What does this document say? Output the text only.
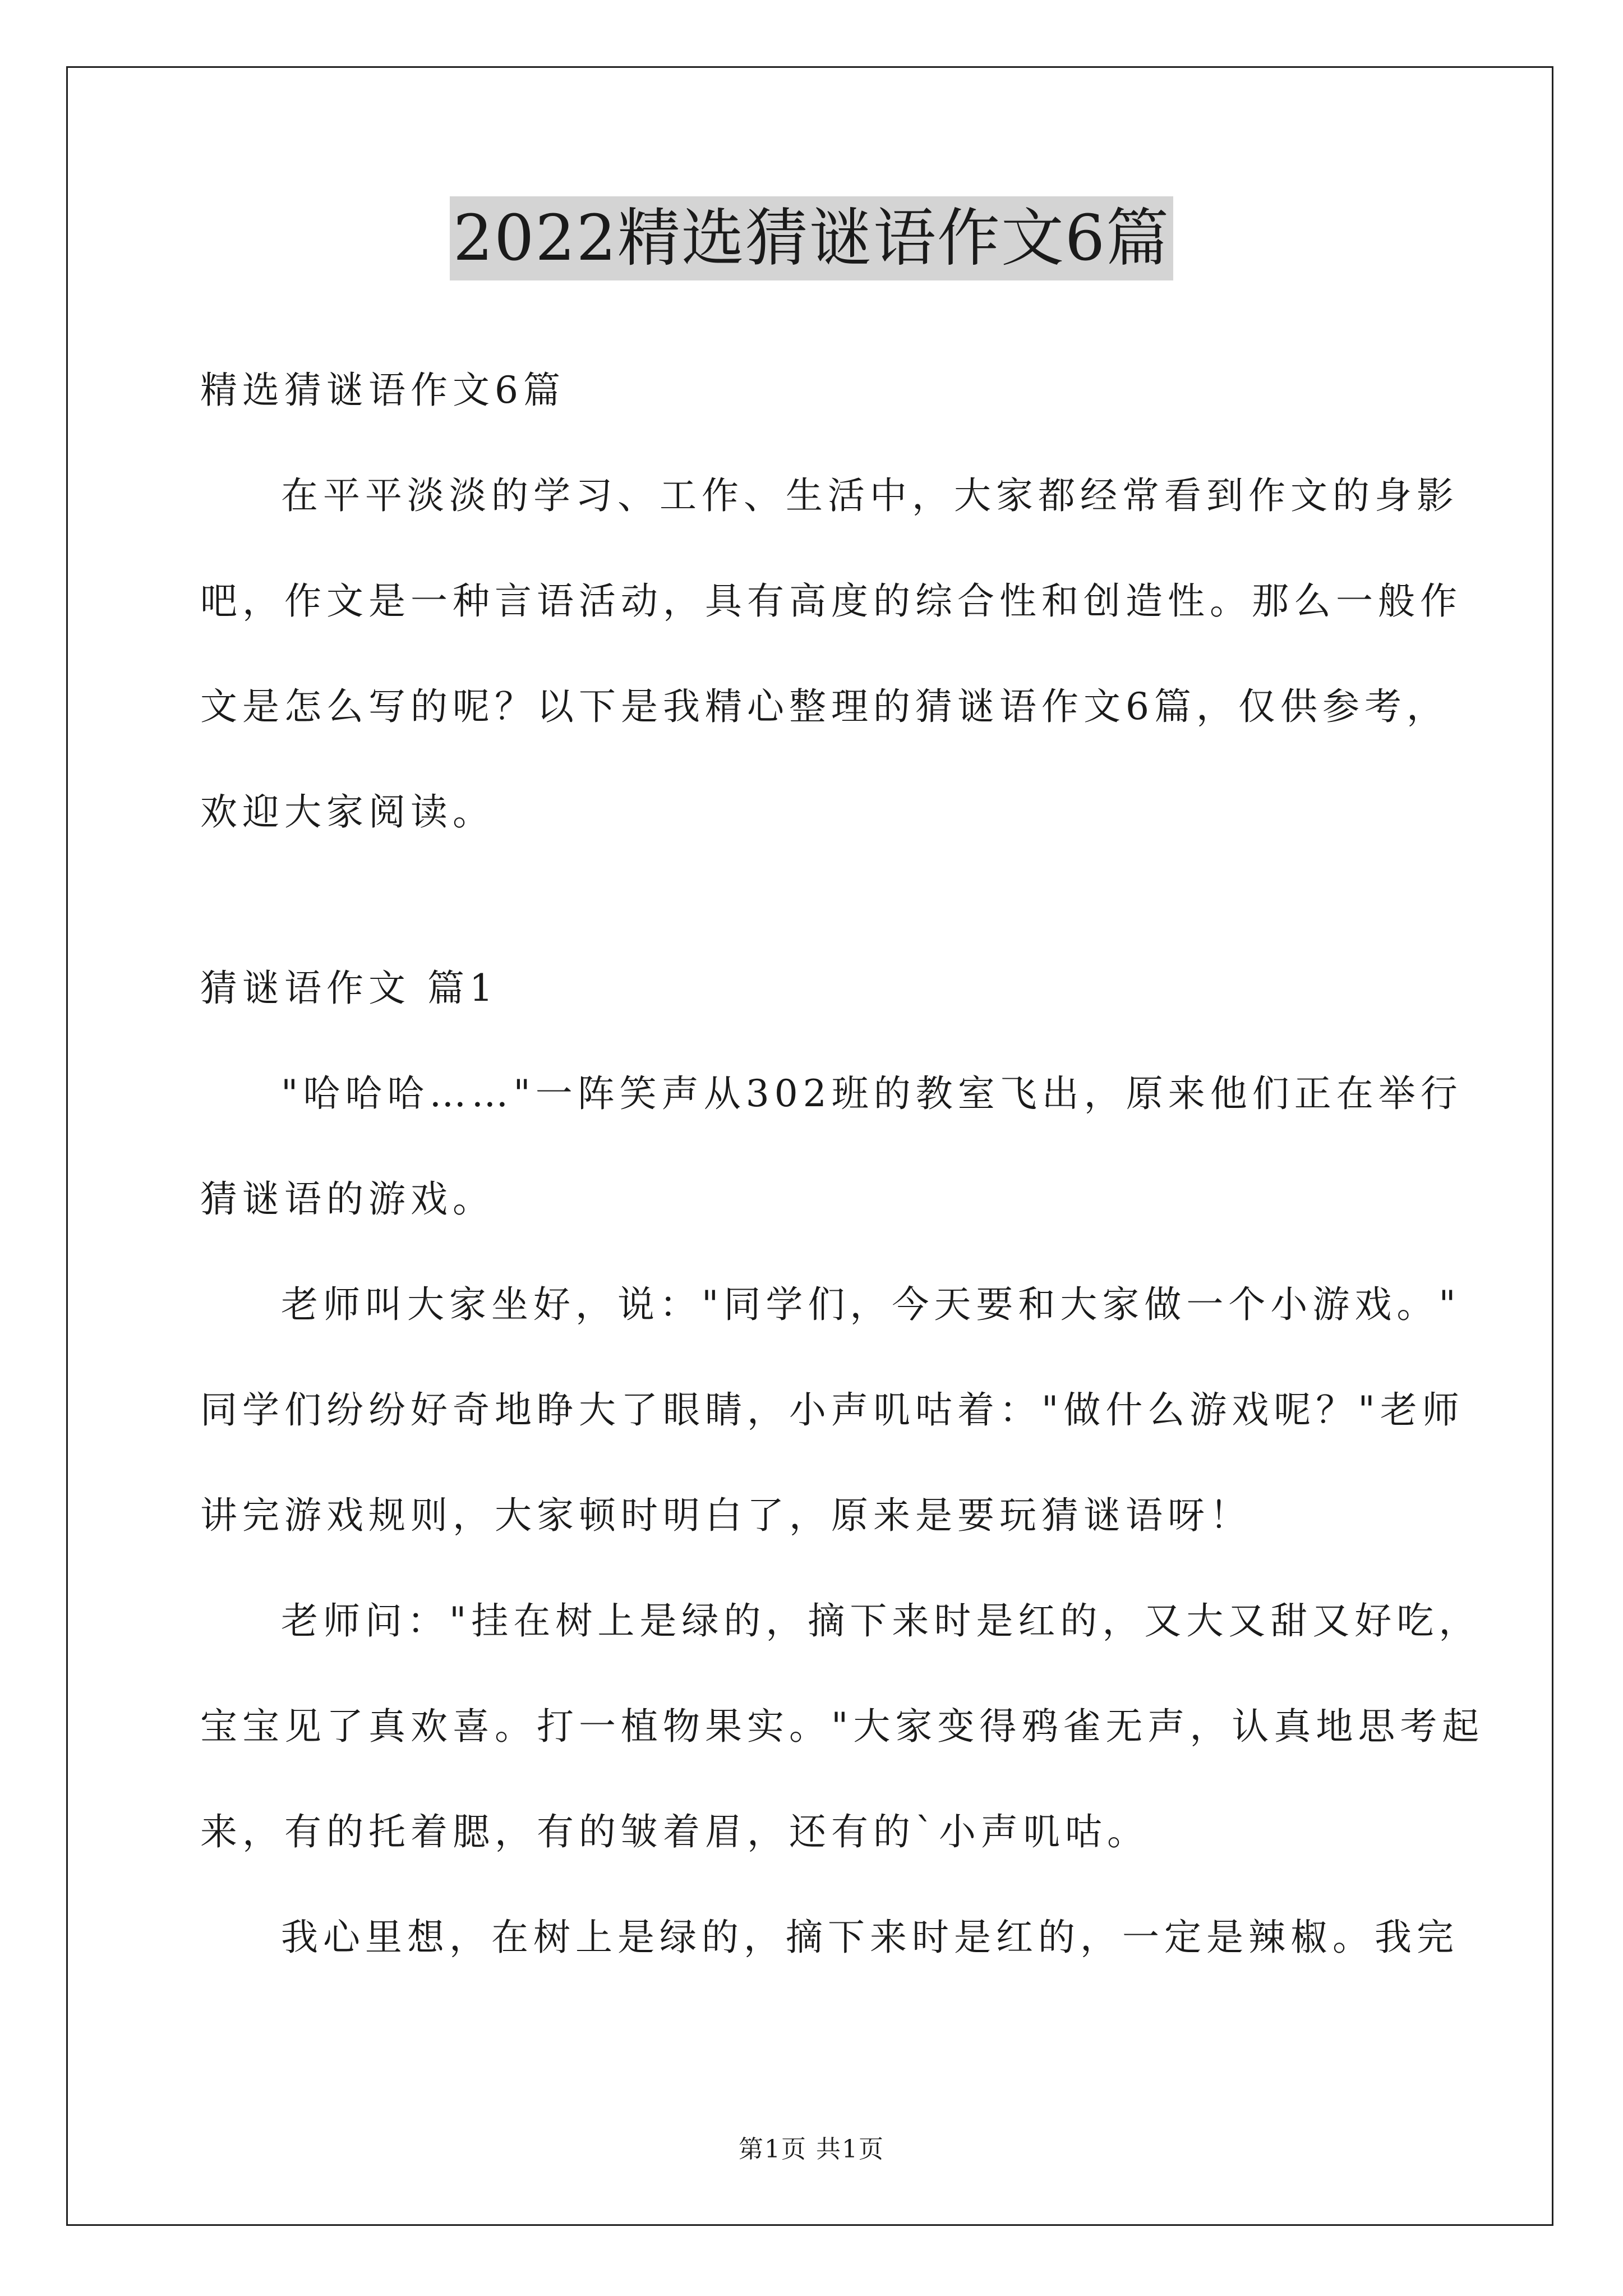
2022精选猜谜语作文6篇
精选猜谜语作文6篇
在平平淡淡的学习、工作、生活中，大家都经常看到作文的身影
吧，作文是一种言语活动，具有高度的综合性和创造性。那么一般作
文是怎么写的呢？以下是我精心整理的猜谜语作文6篇，仅供参考，
欢迎大家阅读。
猜谜语作文 篇1
"哈哈哈……"一阵笑声从302班的教室飞出，原来他们正在举行
猜谜语的游戏。
老师叫大家坐好，说："同学们，今天要和大家做一个小游戏。"
同学们纷纷好奇地睁大了眼睛，小声叽咕着："做什么游戏呢？"老师
讲完游戏规则，大家顿时明白了，原来是要玩猜谜语呀！
老师问："挂在树上是绿的，摘下来时是红的，又大又甜又好吃，
宝宝见了真欢喜。打一植物果实。"大家变得鸦雀无声，认真地思考起
来，有的托着腮，有的皱着眉，还有的`小声叽咕。
我心里想，在树上是绿的，摘下来时是红的，一定是辣椒。我完
第1页 共1页
